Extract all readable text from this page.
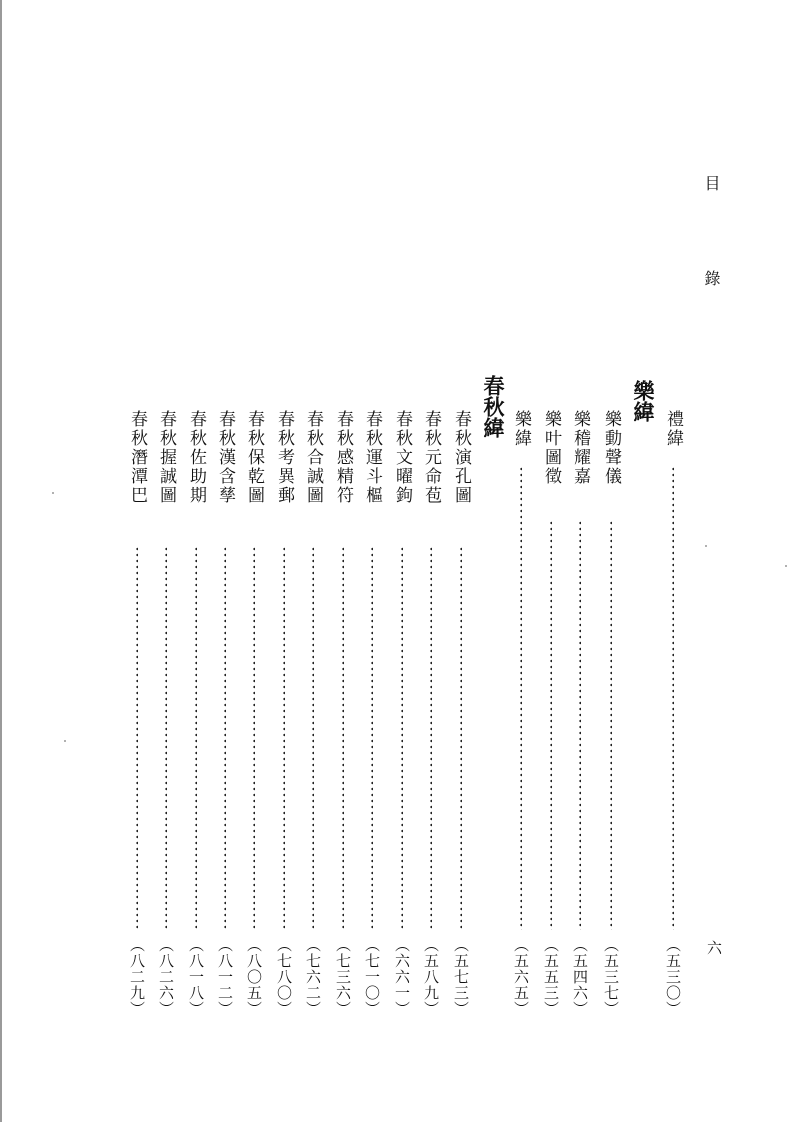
目 錄
六
禮緯
（五三〇）
樂緯
樂動聲儀
（五三七）
樂稽耀嘉
（五四六）
樂叶圖徵
（五五三）
樂緯
（五六五）
春秋緯
春秋演孔圖
（五七三）
春秋元命苞
（五八九）
春秋文曜鉤
（六六一）
春秋運斗樞
（七一〇）
春秋感精符
（七三六）
春秋合誠圖
（七六二）
春秋考異郵
（七八〇）
春秋保乾圖
（八〇五）
春秋漢含孳
（八一二）
春秋佐助期
（八一八）
春秋握誠圖
（八二六）
春秋潛潭巴
（八二九）
